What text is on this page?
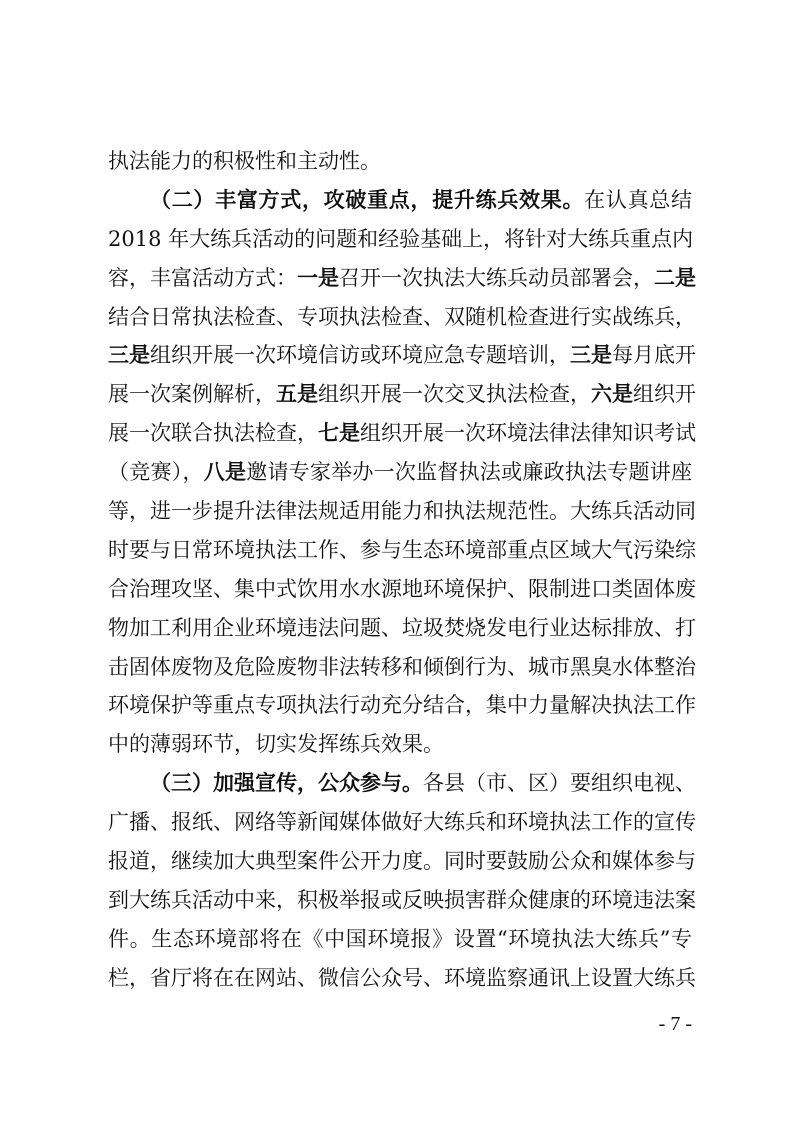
执法能力的积极性和主动性。
（二）丰富方式，攻破重点，提升练兵效果。在认真总结
2018 年大练兵活动的问题和经验基础上，将针对大练兵重点内
容，丰富活动方式：一是召开一次执法大练兵动员部署会，二是
结合日常执法检查、专项执法检查、双随机检查进行实战练兵，
三是组织开展一次环境信访或环境应急专题培训，三是每月底开
展一次案例解析，五是组织开展一次交叉执法检查，六是组织开
展一次联合执法检查，七是组织开展一次环境法律法律知识考试
（竞赛），八是邀请专家举办一次监督执法或廉政执法专题讲座
等，进一步提升法律法规适用能力和执法规范性。大练兵活动同
时要与日常环境执法工作、参与生态环境部重点区域大气污染综
合治理攻坚、集中式饮用水水源地环境保护、限制进口类固体废
物加工利用企业环境违法问题、垃圾焚烧发电行业达标排放、打
击固体废物及危险废物非法转移和倾倒行为、城市黑臭水体整治
环境保护等重点专项执法行动充分结合，集中力量解决执法工作
中的薄弱环节，切实发挥练兵效果。
（三）加强宣传，公众参与。各县（市、区）要组织电视、
广播、报纸、网络等新闻媒体做好大练兵和环境执法工作的宣传
报道，继续加大典型案件公开力度。同时要鼓励公众和媒体参与
到大练兵活动中来，积极举报或反映损害群众健康的环境违法案
件。生态环境部将在《中国环境报》设置“环境执法大练兵”专
栏，省厅将在在网站、微信公众号、环境监察通讯上设置大练兵
- 7 -
